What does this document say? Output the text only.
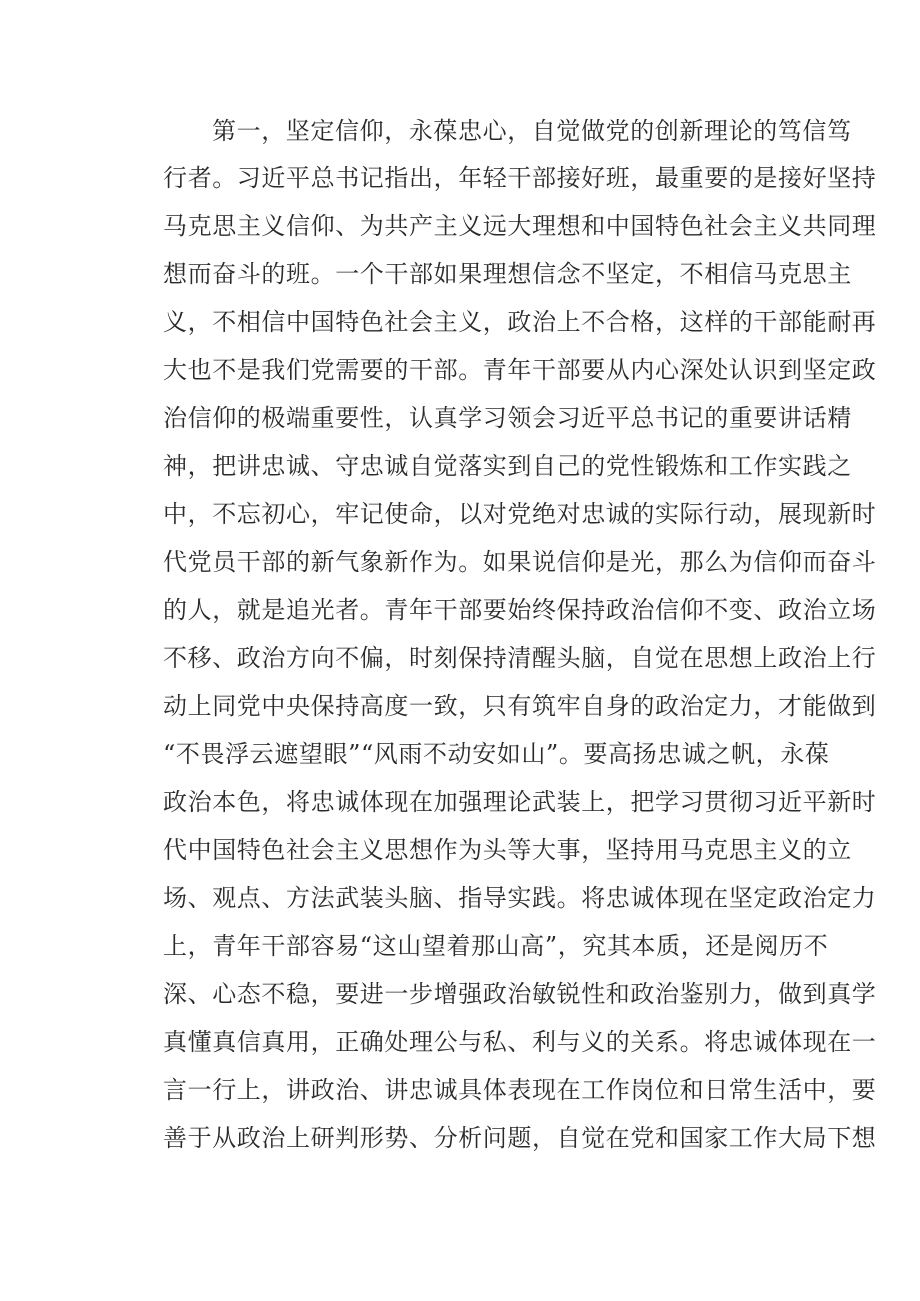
第一，坚定信仰，永葆忠心，自觉做党的创新理论的笃信笃
行者。习近平总书记指出，年轻干部接好班，最重要的是接好坚持
马克思主义信仰、为共产主义远大理想和中国特色社会主义共同理
想而奋斗的班。一个干部如果理想信念不坚定，不相信马克思主
义，不相信中国特色社会主义，政治上不合格，这样的干部能耐再
大也不是我们党需要的干部。青年干部要从内心深处认识到坚定政
治信仰的极端重要性，认真学习领会习近平总书记的重要讲话精
神，把讲忠诚、守忠诚自觉落实到自己的党性锻炼和工作实践之
中，不忘初心，牢记使命，以对党绝对忠诚的实际行动，展现新时
代党员干部的新气象新作为。如果说信仰是光，那么为信仰而奋斗
的人，就是追光者。青年干部要始终保持政治信仰不变、政治立场
不移、政治方向不偏，时刻保持清醒头脑，自觉在思想上政治上行
动上同党中央保持高度一致，只有筑牢自身的政治定力，才能做到
“不畏浮云遮望眼”“风雨不动安如山”。要高扬忠诚之帆，永葆
政治本色，将忠诚体现在加强理论武装上，把学习贯彻习近平新时
代中国特色社会主义思想作为头等大事，坚持用马克思主义的立
场、观点、方法武装头脑、指导实践。将忠诚体现在坚定政治定力
上，青年干部容易“这山望着那山高”，究其本质，还是阅历不
深、心态不稳，要进一步增强政治敏锐性和政治鉴别力，做到真学
真懂真信真用，正确处理公与私、利与义的关系。将忠诚体现在一
言一行上，讲政治、讲忠诚具体表现在工作岗位和日常生活中，要
善于从政治上研判形势、分析问题，自觉在党和国家工作大局下想
